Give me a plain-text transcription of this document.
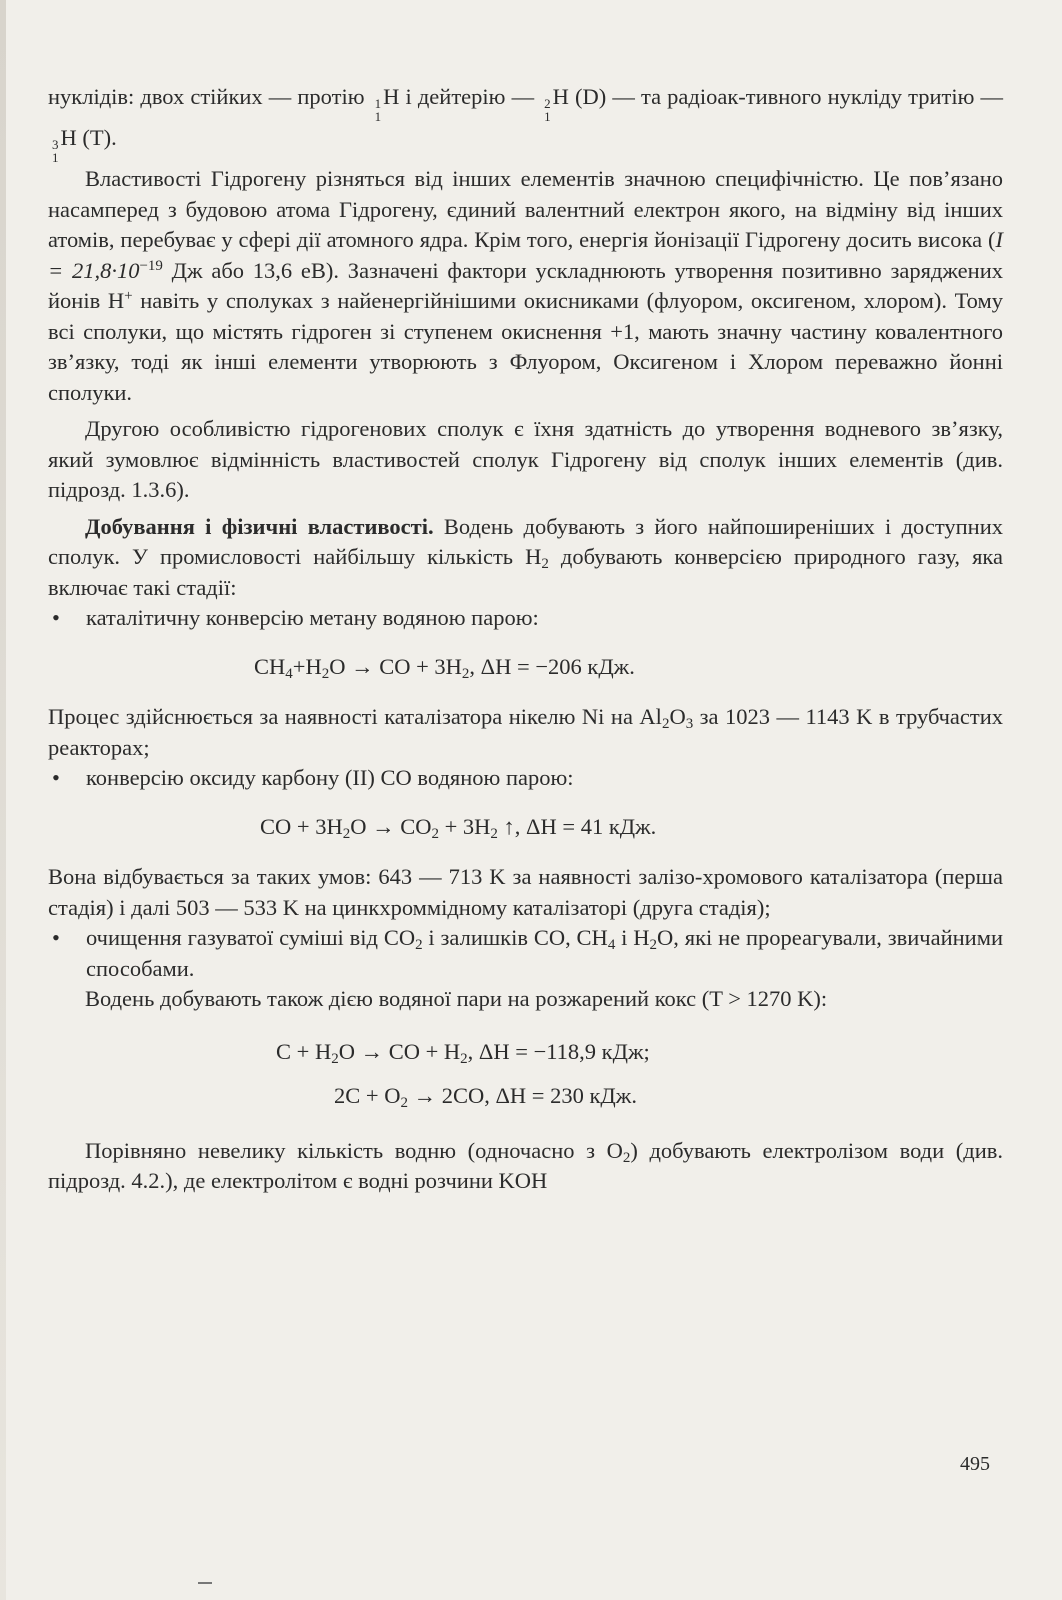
нуклідів: двох стійких — протію 1
1
H і дейтерію — 2
1
H (D) — та радіоак-тивного нукліду тритію —
3
1
H (T).

Властивості Гідрогену різняться від інших елементів значною специфічністю. Це пов’язано насамперед з будовою атома Гідрогену, єдиний валентний електрон якого, на відміну від інших атомів, перебуває у сфері дії атомного ядра. Крім того, енергія йонізації Гідрогену досить висока ($I = 21,8\cdot 10^{-19}$ Дж або 13,6 еВ). Зазначені фактори ускладнюють утворення позитивно заряджених йонів H+ навіть у сполуках з найенергійнішими окисниками (флуором, оксигеном, хлором). Тому всі сполуки, що містять гідроген зі ступенем окиснення +1, мають значну частину ковалентного зв’язку, тоді як інші елементи утворюють з Флуором, Оксигеном і Хлором переважно йонні сполуки.

Другою особливістю гідрогенових сполук є їхня здатність до утворення водневого зв’язку, який зумовлює відмінність властивостей сполук Гідрогену від сполук інших елементів (див. підрозд. 1.3.6).

Добування і фізичні властивості. Водень добувають з його найпоширеніших і доступних сполук. У промисловості найбільшу кількість $H_2$ добувають конверсією природного газу, яка включає такі стадії:

• каталітичну конверсію метану водяною парою:

$CH_4+H_2O$ → CO + $3H_2$, ΔH = −206 кДж.

Процес здійснюється за наявності каталізатора нікелю Ni на $Al_2O_3$ за 1023 — 1143 K в трубчастих реакторах;

• конверсію оксиду карбону (II) CO водяною парою:

CO + $3H_2O \to CO_2 + 3H_2$ ↑, ΔH = 41 кДж.

Вона відбувається за таких умов: 643 — 713 K за наявності залізо-хромового каталізатора (перша стадія) і далі 503 — 533 K на цинкхроммідному каталізаторі (друга стадія);

• очищення газуватої суміші від $CO_2$ і залишків CO, $CH_4$ і $H_2O$, які не прореагували, звичайними способами.

Водень добувають також дією водяної пари на розжарений кокс (T > 1270 K):

$C + H_2O$ → CO + $H_2$, ΔH = −118,9 кДж;
$2C + O_2 \to 2CO$, ΔH = 230 кДж.

Порівняно невелику кількість водню (одночасно з $O_2$) добувають електролізом води (див. підрозд. 4.2.), де електролітом є водні розчини KOH

495
